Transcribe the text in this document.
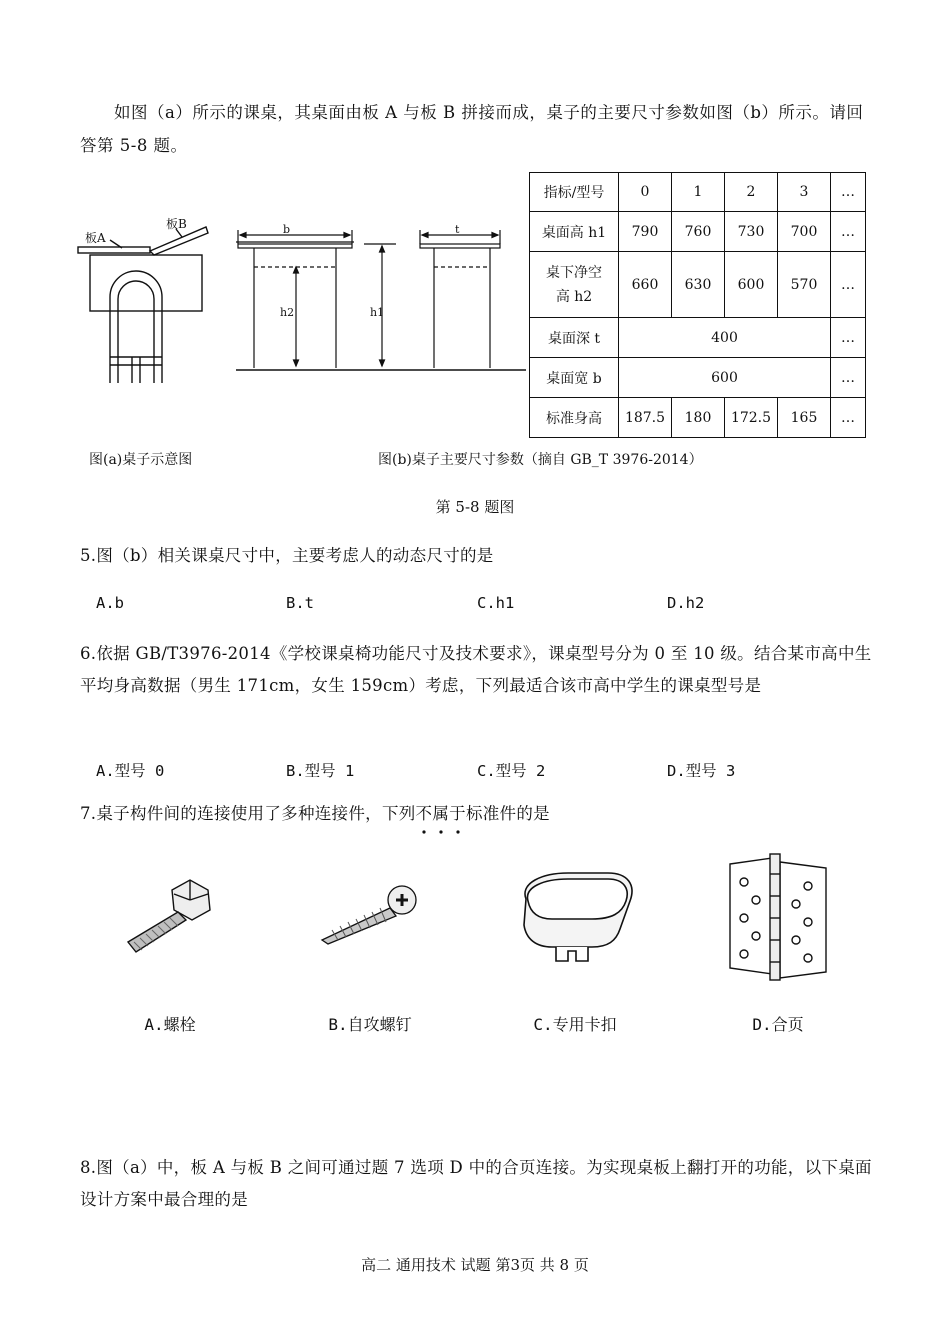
如图（a）所示的课桌，其桌面由板 A 与板 B 拼接而成，桌子的主要尺寸参数如图（b）所示。请回答第 5-8 题。
板A
板B
图(a)桌子示意图
b
h2	h1
t
图(b)桌子主要尺寸参数（摘自 GB_T 3976-2014）
指标/型号	0	1	2	3	…
桌面高 h1	790	760	730	700	…
桌下净空
高 h2	660	630	600	570	…
桌面深 t	400				…
桌面宽 b	600				…
标准身高	187.5	180	172.5	165	…
第 5-8 题图
5.图（b）相关课桌尺寸中，主要考虑人的动态尺寸的是
A.b	B.t	C.h1	D.h2
6.依据 GB/T3976-2014《学校课桌椅功能尺寸及技术要求》，课桌型号分为 0 至 10 级。结合某市高中生平均身高数据（男生 171cm，女生 159cm）考虑，下列最适合该市高中学生的课桌型号是
A.型号 0	B.型号 1	C.型号 2	D.型号 3
7.桌子构件间的连接使用了多种连接件，下列不属于
标准件的是
A.螺栓	B.自攻螺钉	C.专用卡扣	D.合页
8.图（a）中，板 A 与板 B 之间可通过题 7 选项 D 中的合页连接。为实现桌板上翻打开的功能，以下桌面设计方案中最合理的是
高二 通用技术 试题 第3页 共 8 页
